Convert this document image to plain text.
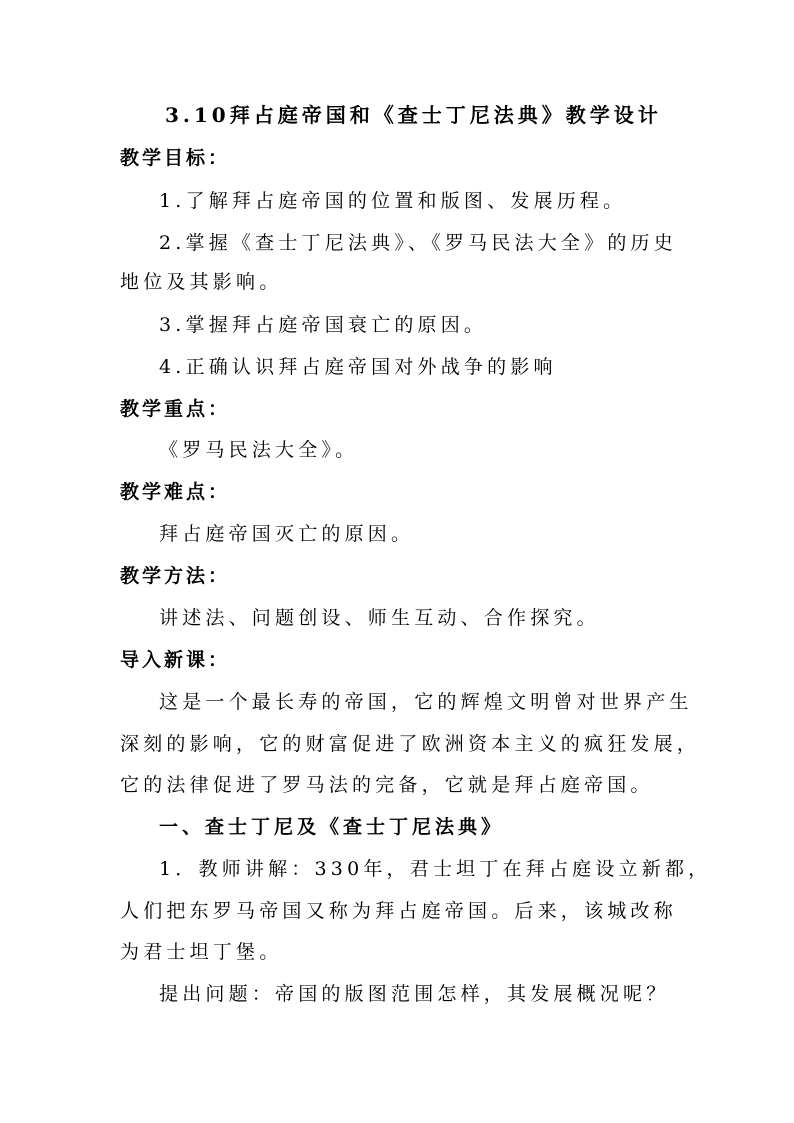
3.10拜占庭帝国和《查士丁尼法典》教学设计
教学目标：
1.了解拜占庭帝国的位置和版图、发展历程。
2.掌握《查士丁尼法典》、《罗马民法大全》的历史
地位及其影响。
3.掌握拜占庭帝国衰亡的原因。
4.正确认识拜占庭帝国对外战争的影响
教学重点：
《罗马民法大全》。
教学难点：
拜占庭帝国灭亡的原因。
教学方法：
讲述法、问题创设、师生互动、合作探究。
导入新课：
这是一个最长寿的帝国，它的辉煌文明曾对世界产生
深刻的影响，它的财富促进了欧洲资本主义的疯狂发展，
它的法律促进了罗马法的完备，它就是拜占庭帝国。
一、查士丁尼及《查士丁尼法典》
1．教师讲解：330年，君士坦丁在拜占庭设立新都，
人们把东罗马帝国又称为拜占庭帝国。后来，该城改称
为君士坦丁堡。
提出问题：帝国的版图范围怎样，其发展概况呢？
